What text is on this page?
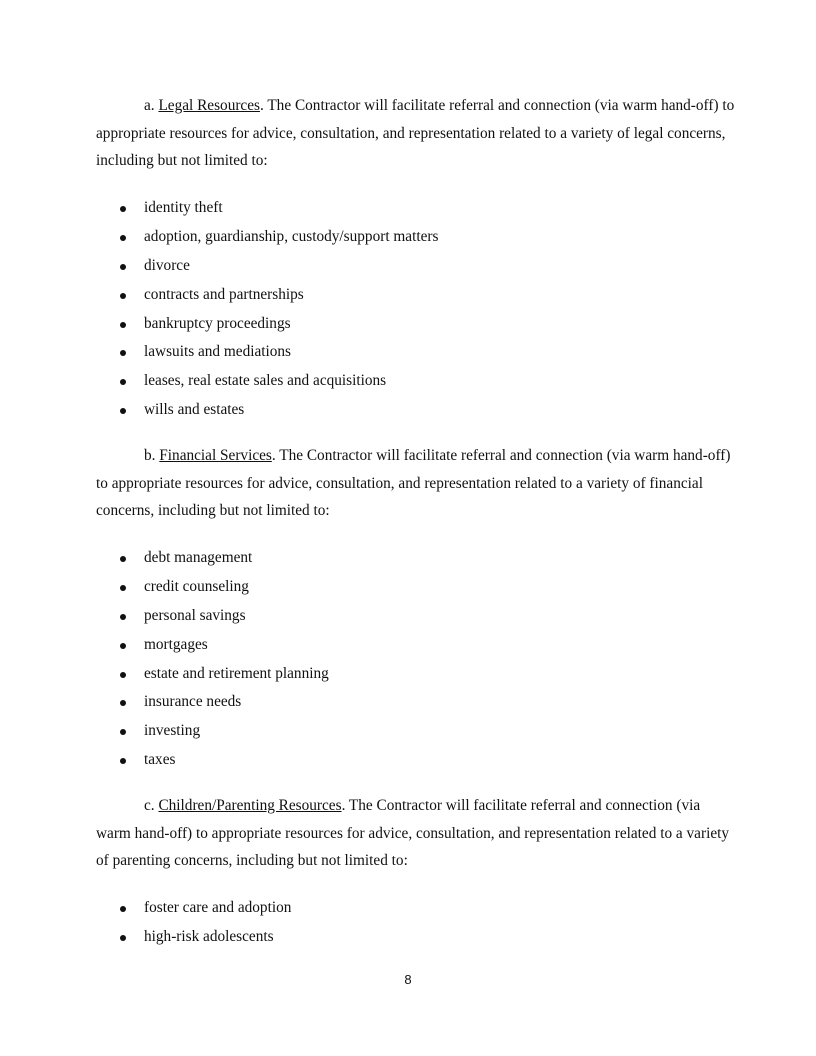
a. Legal Resources. The Contractor will facilitate referral and connection (via warm hand-off) to appropriate resources for advice, consultation, and representation related to a variety of legal concerns, including but not limited to:

identity theft
adoption, guardianship, custody/support matters
divorce
contracts and partnerships
bankruptcy proceedings
lawsuits and mediations
leases, real estate sales and acquisitions
wills and estates

b. Financial Services. The Contractor will facilitate referral and connection (via warm hand-off) to appropriate resources for advice, consultation, and representation related to a variety of financial concerns, including but not limited to:

debt management
credit counseling
personal savings
mortgages
estate and retirement planning
insurance needs
investing
taxes

c. Children/Parenting Resources. The Contractor will facilitate referral and connection (via warm hand-off) to appropriate resources for advice, consultation, and representation related to a variety of parenting concerns, including but not limited to:

foster care and adoption
high-risk adolescents
8
